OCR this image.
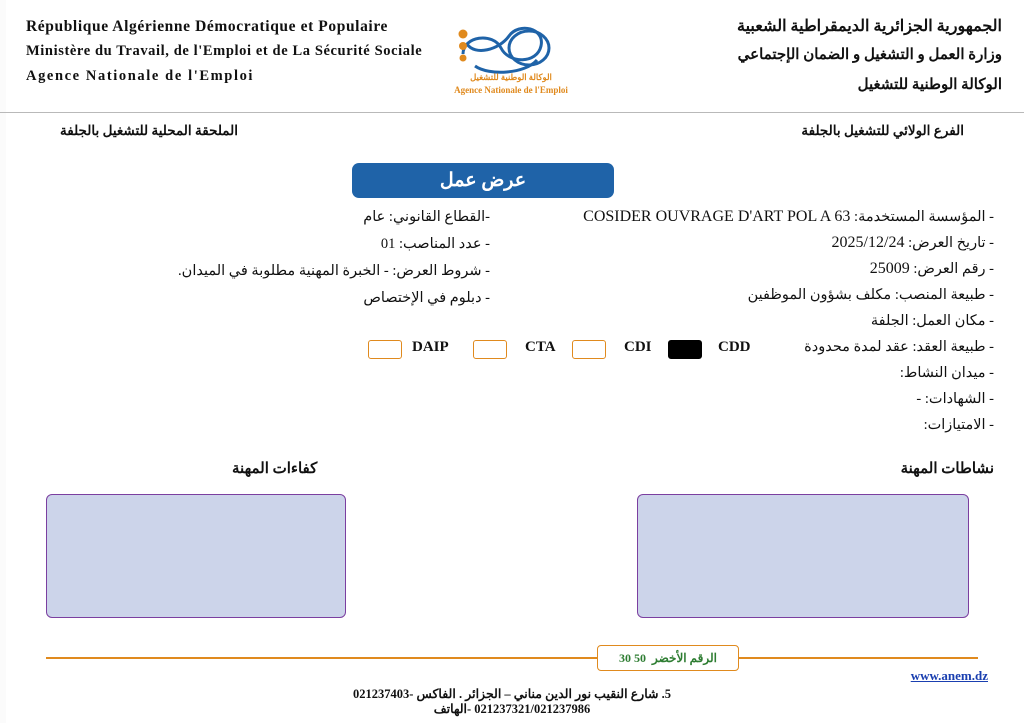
République Algérienne Démocratique et Populaire
Ministère du Travail, de l'Emploi et de La Sécurité Sociale
Agence Nationale de l'Emploi	الوكالة الوطنية للتشغيل
Agence Nationale de l'Emploi
الجمهورية الجزائرية الديمقراطية الشعبية
وزارة العمل و التشغيل و الضمان الإجتماعي
الوكالة الوطنية للتشغيل
الملحقة المحلية للتشغيل بالجلفة	الفرع الولائي للتشغيل بالجلفة
عرض عمل
- المؤسسة المستخدمة: COSIDER OUVRAGE D'ART POL A 63
- تاريخ العرض: 2025/12/24
- رقم العرض: 25009
- طبيعة المنصب: مكلف بشؤون الموظفين
- مكان العمل: الجلفة
- طبيعة العقد: عقد لمدة محدودة
- ميدان النشاط:
- الشهادات: -
- الامتيازات:
-القطاع القانوني: عام
- عدد المناصب: 01
- شروط العرض: - الخبرة المهنية مطلوبة في الميدان.
- دبلوم في الإختصاص
DAIP	CTA	CDI	CDD
نشاطات المهنة
كفاءات المهنة
الرقم الأخضر
30 50
www.anem.dz
5. شارع النقيب نور الدين مناني – الجزائر . الفاكس -021237403
021237321/021237986 -الهاتف
